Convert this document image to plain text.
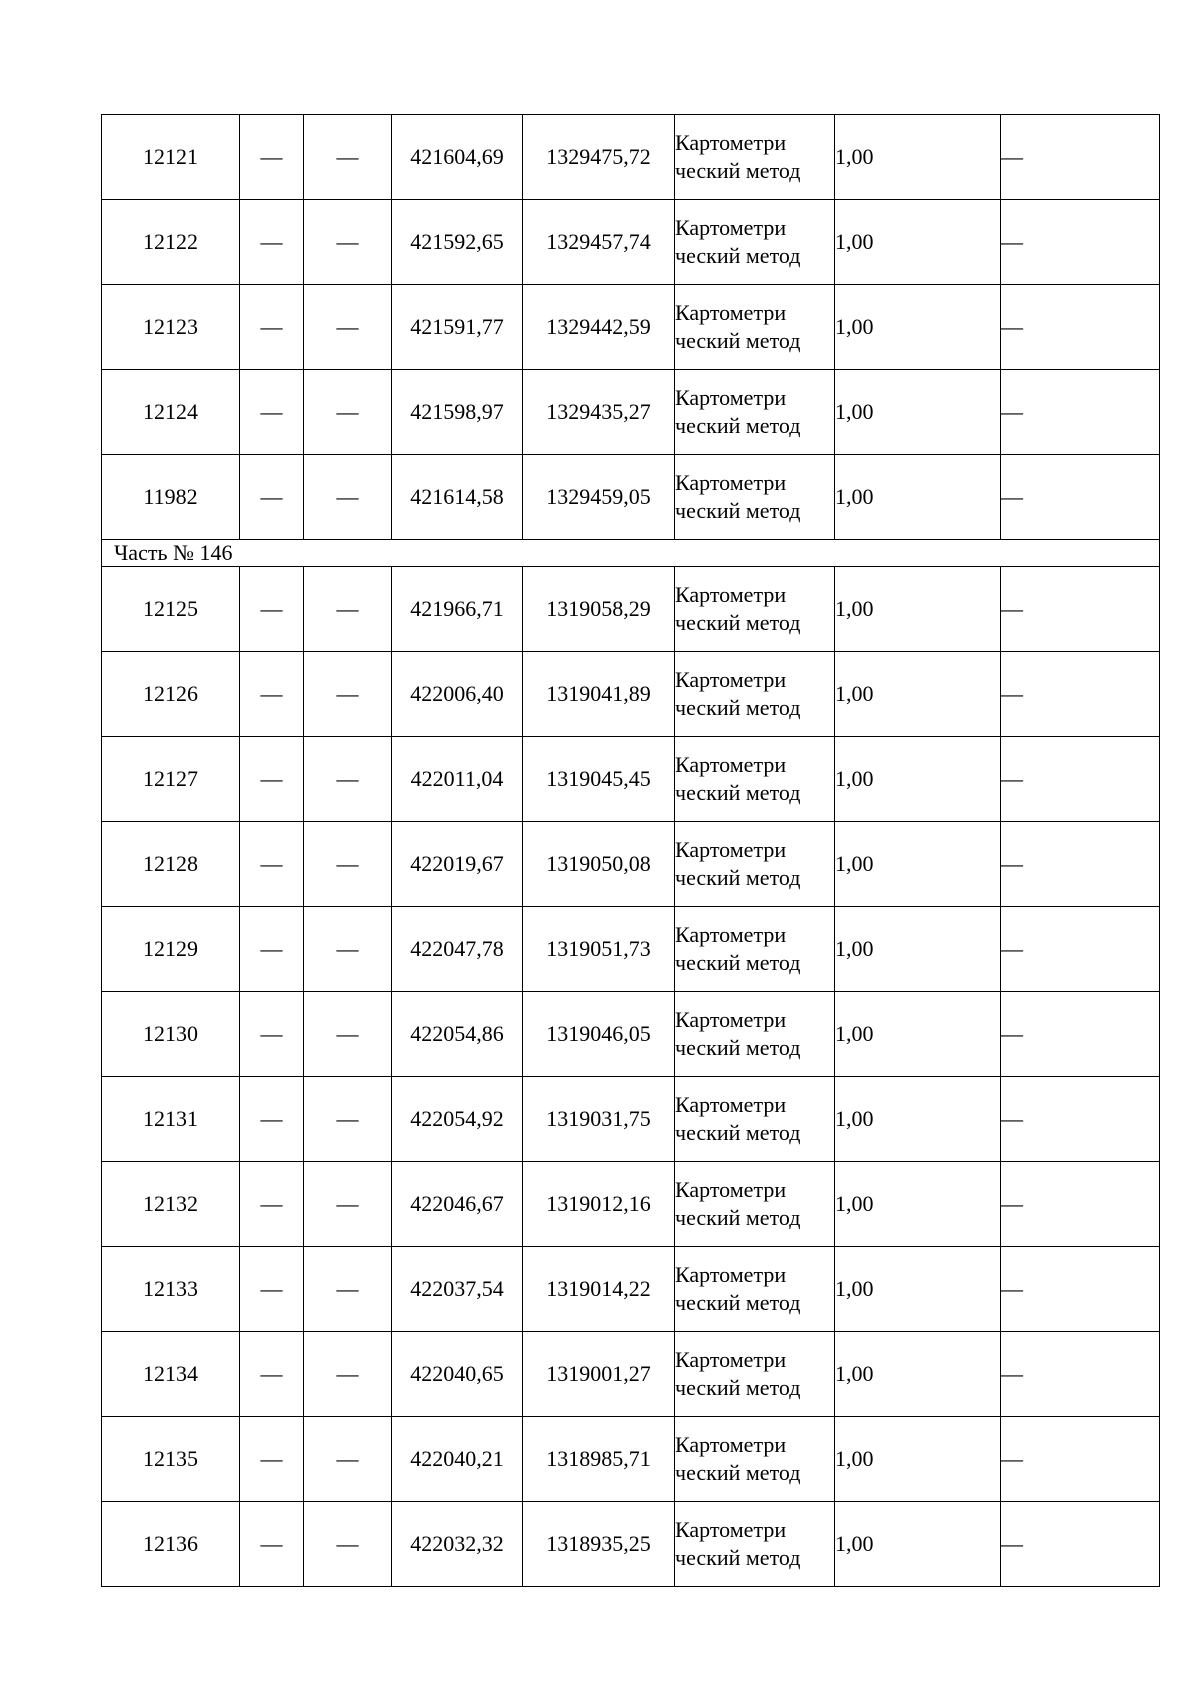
12121	—	—	421604,69	1329475,72	Картометри ческий метод	1,00	—
12122	—	—	421592,65	1329457,74	Картометри ческий метод	1,00	—
12123	—	—	421591,77	1329442,59	Картометри ческий метод	1,00	—
12124	—	—	421598,97	1329435,27	Картометри ческий метод	1,00	—
11982	—	—	421614,58	1329459,05	Картометри ческий метод	1,00	—
Часть № 146							
12125	—	—	421966,71	1319058,29	Картометри ческий метод	1,00	—
12126	—	—	422006,40	1319041,89	Картометри ческий метод	1,00	—
12127	—	—	422011,04	1319045,45	Картометри ческий метод	1,00	—
12128	—	—	422019,67	1319050,08	Картометри ческий метод	1,00	—
12129	—	—	422047,78	1319051,73	Картометри ческий метод	1,00	—
12130	—	—	422054,86	1319046,05	Картометри ческий метод	1,00	—
12131	—	—	422054,92	1319031,75	Картометри ческий метод	1,00	—
12132	—	—	422046,67	1319012,16	Картометри ческий метод	1,00	—
12133	—	—	422037,54	1319014,22	Картометри ческий метод	1,00	—
12134	—	—	422040,65	1319001,27	Картометри ческий метод	1,00	—
12135	—	—	422040,21	1318985,71	Картометри ческий метод	1,00	—
12136	—	—	422032,32	1318935,25	Картометри ческий метод	1,00	—
